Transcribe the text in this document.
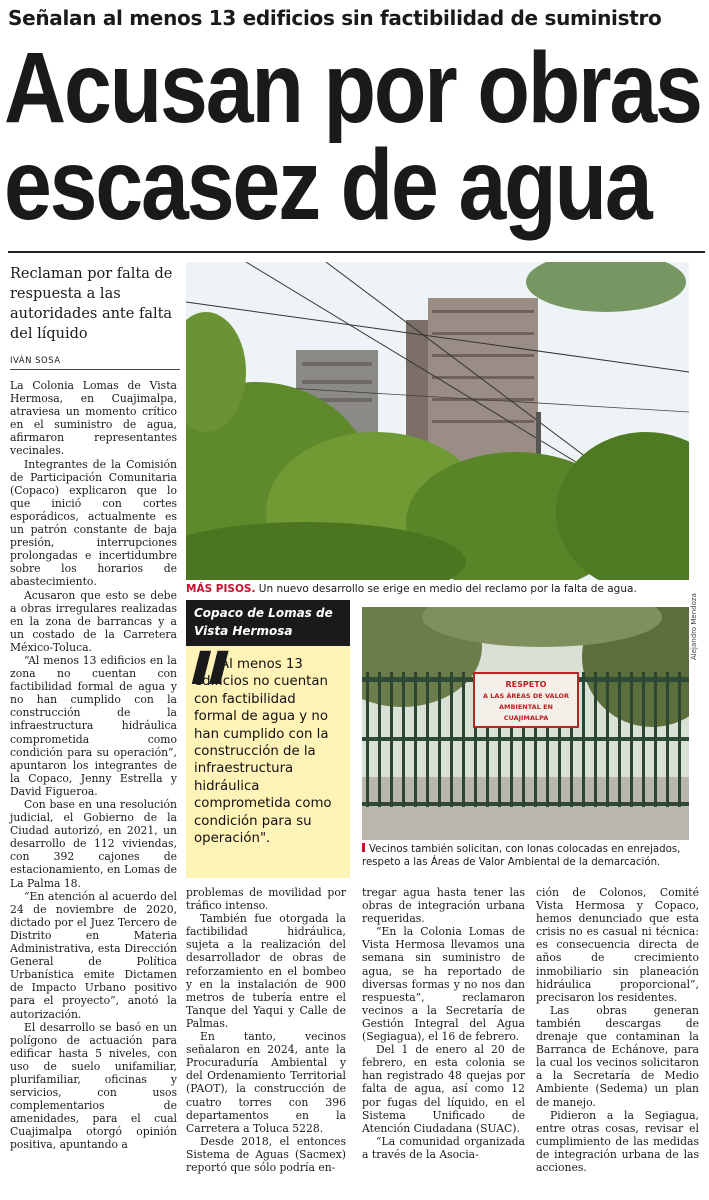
Señalan al menos 13 edificios sin factibilidad de suministro
Acusan por obras
escasez de agua
Reclaman por falta de respuesta a las autoridades ante falta del líquido
IVÁN SOSA

La Colonia Lomas de Vista Hermosa, en Cuajimalpa, atraviesa un momento crítico en el suministro de agua, afirmaron representantes vecinales.

Integrantes de la Comisión de Participación Comunitaria (Copaco) explicaron que lo que inició con cortes esporádicos, actualmente es un patrón constante de baja presión, interrupciones prolongadas e incertidumbre sobre los horarios de abastecimiento.

Acusaron que esto se debe a obras irregulares realizadas en la zona de barrancas y a un costado de la Carretera México-Toluca.

“Al menos 13 edificios en la zona no cuentan con factibilidad formal de agua y no han cumplido con la construcción de la infraestructura hidráulica comprometida como condición para su operación”, apuntaron los integrantes de la Copaco, Jenny Estrella y David Figueroa.

Con base en una resolución judicial, el Gobierno de la Ciudad autorizó, en 2021, un desarrollo de 112 viviendas, con 392 cajones de estacionamiento, en Lomas de La Palma 18.

“En atención al acuerdo del 24 de noviembre de 2020, dictado por el Juez Tercero de Distrito en Materia Administrativa, esta Dirección General de Política Urbanística emite Dictamen de Impacto Urbano positivo para el proyecto”, anotó la autorización.

El desarrollo se basó en un polígono de actuación para edificar hasta 5 niveles, con uso de suelo unifamiliar, plurifamiliar, oficinas y servicios, con usos complementarios de amenidades, para el cual Cuajimalpa otorgó opinión positiva, apuntando a

Alejandro Mendoza
MÁS PISOS. Un nuevo desarrollo se erige en medio del reclamo por la falta de agua.
Copaco de Lomas de Vista Hermosa
▌▌

Al menos 13 edificios no cuentan con factibilidad formal de agua y no han cumplido con la construcción de la infraestructura hidráulica comprometida como condición para su operación".

RESPETO
A LAS ÁREAS DE VALOR
AMBIENTAL EN
CUAJIMALPA
Vecinos también solicitan, con lonas colocadas en enrejados, respeto a las Áreas de Valor Ambiental de la demarcación.

problemas de movilidad por tráfico intenso.

También fue otorgada la factibilidad hidráulica, sujeta a la realización del desarrollador de obras de reforzamiento en el bombeo y en la instalación de 900 metros de tubería entre el Tanque del Yaqui y Calle de Palmas.

En tanto, vecinos señalaron en 2024, ante la Procuraduría Ambiental y del Ordenamiento Territorial (PAOT), la construcción de cuatro torres con 396 departamentos en la Carretera a Toluca 5228.

Desde 2018, el entonces Sistema de Aguas (Sacmex) reportó que sólo podría en-

tregar agua hasta tener las obras de integración urbana requeridas.

“En la Colonia Lomas de Vista Hermosa llevamos una semana sin suministro de agua, se ha reportado de diversas formas y no nos dan respuesta”, reclamaron vecinos a la Secretaría de Gestión Integral del Agua (Segiagua), el 16 de febrero.

Del 1 de enero al 20 de febrero, en esta colonia se han registrado 48 quejas por falta de agua, así como 12 por fugas del líquido, en el Sistema Unificado de Atención Ciudadana (SUAC).

“La comunidad organizada a través de la Asocia-

ción de Colonos, Comité Vista Hermosa y Copaco, hemos denunciado que esta crisis no es casual ni técnica: es consecuencia directa de años de crecimiento inmobiliario sin planeación hidráulica proporcional”, precisaron los residentes.

Las obras generan también descargas de drenaje que contaminan la Barranca de Echánove, para la cual los vecinos solicitaron a la Secretaría de Medio Ambiente (Sedema) un plan de manejo.

Pidieron a la Segiagua, entre otras cosas, revisar el cumplimiento de las medidas de integración urbana de las acciones.
